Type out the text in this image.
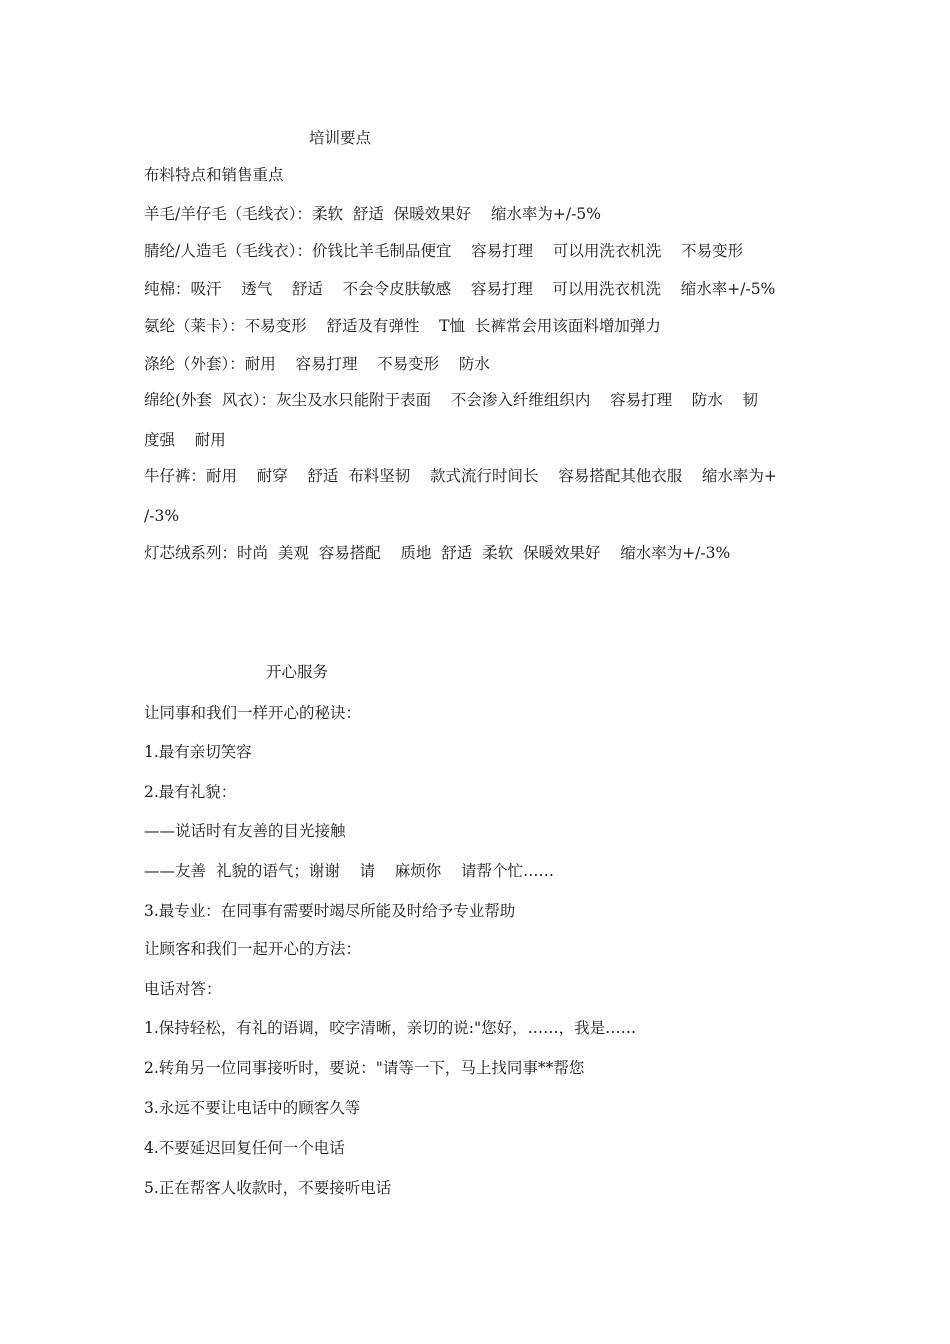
培训要点
布料特点和销售重点
羊毛/羊仔毛（毛线衣）：柔软  舒适  保暖效果好    缩水率为+/-5%
腈纶/人造毛（毛线衣）：价钱比羊毛制品便宜    容易打理    可以用洗衣机洗    不易变形
纯棉：吸汗    透气    舒适    不会令皮肤敏感    容易打理    可以用洗衣机洗    缩水率+/-5%
氨纶（莱卡）：不易变形    舒适及有弹性    T恤  长裤常会用该面料增加弹力
涤纶（外套）：耐用    容易打理    不易变形    防水
绵纶(外套  风衣）：灰尘及水只能附于表面    不会渗入纤维组织内    容易打理    防水    韧
度强    耐用
牛仔裤：耐用    耐穿    舒适  布料坚韧    款式流行时间长    容易搭配其他衣服    缩水率为+
/-3%
灯芯绒系列：时尚  美观  容易搭配    质地  舒适  柔软  保暖效果好    缩水率为+/-3%
开心服务
让同事和我们一样开心的秘诀：
1.最有亲切笑容
2.最有礼貌：
——说话时有友善的目光接触
——友善  礼貌的语气；谢谢    请    麻烦你    请帮个忙……
3.最专业：在同事有需要时竭尽所能及时给予专业帮助
让顾客和我们一起开心的方法：
电话对答：
1.保持轻松，有礼的语调，咬字清晰，亲切的说:"您好，……，我是……
2.转角另一位同事接听时，要说："请等一下，马上找同事**帮您
3.永远不要让电话中的顾客久等
4.不要延迟回复任何一个电话
5.正在帮客人收款时，不要接听电话
